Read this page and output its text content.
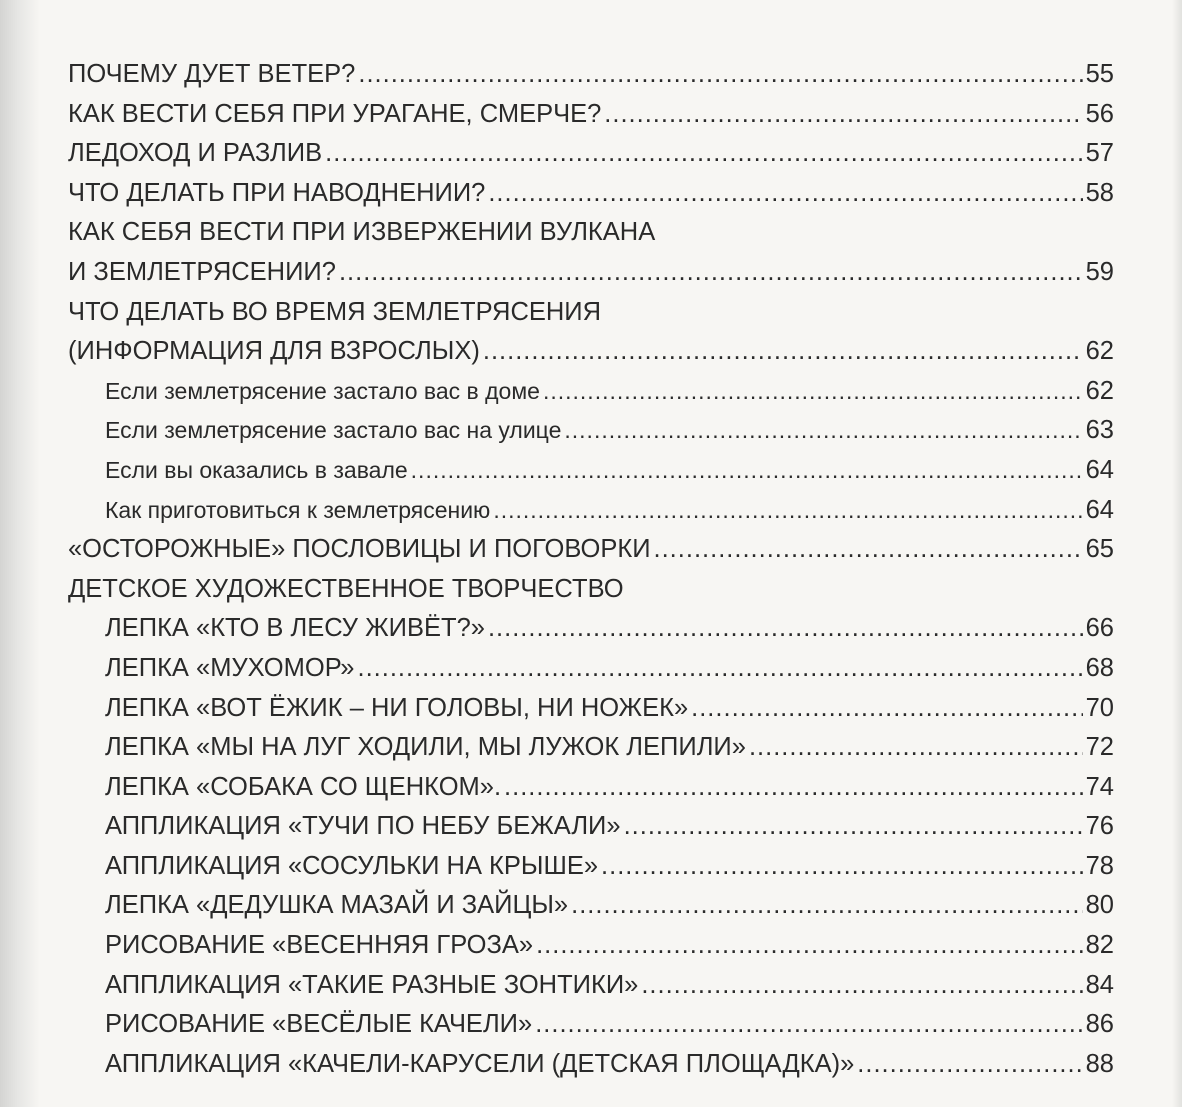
ПОЧЕМУ ДУЕТ ВЕТЕР? .....	55
КАК ВЕСТИ СЕБЯ ПРИ УРАГАНЕ, СМЕРЧЕ? .....	56
ЛЕДОХОД И РАЗЛИВ .....	57
ЧТО ДЕЛАТЬ ПРИ НАВОДНЕНИИ? .....	58
КАК СЕБЯ ВЕСТИ ПРИ ИЗВЕРЖЕНИИ ВУЛКАНА
И ЗЕМЛЕТРЯСЕНИИ? .....	59
ЧТО ДЕЛАТЬ ВО ВРЕМЯ ЗЕМЛЕТРЯСЕНИЯ
(ИНФОРМАЦИЯ ДЛЯ ВЗРОСЛЫХ) .....	62
Если землетрясение застало вас в доме .....	62
Если землетрясение застало вас на улице .....	63
Если вы оказались в завале .....	64
Как приготовиться к землетрясению .....	64
«ОСТОРОЖНЫЕ» ПОСЛОВИЦЫ И ПОГОВОРКИ .....	65
ДЕТСКОЕ ХУДОЖЕСТВЕННОЕ ТВОРЧЕСТВО
ЛЕПКА «КТО В ЛЕСУ ЖИВЁТ?» .....	66
ЛЕПКА «МУХОМОР» .....	68
ЛЕПКА «ВОТ ЁЖИК – НИ ГОЛОВЫ, НИ НОЖЕК» .....	70
ЛЕПКА «МЫ НА ЛУГ ХОДИЛИ, МЫ ЛУЖОК ЛЕПИЛИ» .....	72
ЛЕПКА «СОБАКА СО ЩЕНКОМ». .....	74
АППЛИКАЦИЯ «ТУЧИ ПО НЕБУ БЕЖАЛИ» .....	76
АППЛИКАЦИЯ «СОСУЛЬКИ НА КРЫШЕ» .....	78
ЛЕПКА «ДЕДУШКА МАЗАЙ И ЗАЙЦЫ» .....	80
РИСОВАНИЕ «ВЕСЕННЯЯ ГРОЗА» .....	82
АППЛИКАЦИЯ «ТАКИЕ РАЗНЫЕ ЗОНТИКИ» .....	84
РИСОВАНИЕ «ВЕСЁЛЫЕ КАЧЕЛИ» .....	86
АППЛИКАЦИЯ «КАЧЕЛИ-КАРУСЕЛИ (ДЕТСКАЯ ПЛОЩАДКА)» .....	88
